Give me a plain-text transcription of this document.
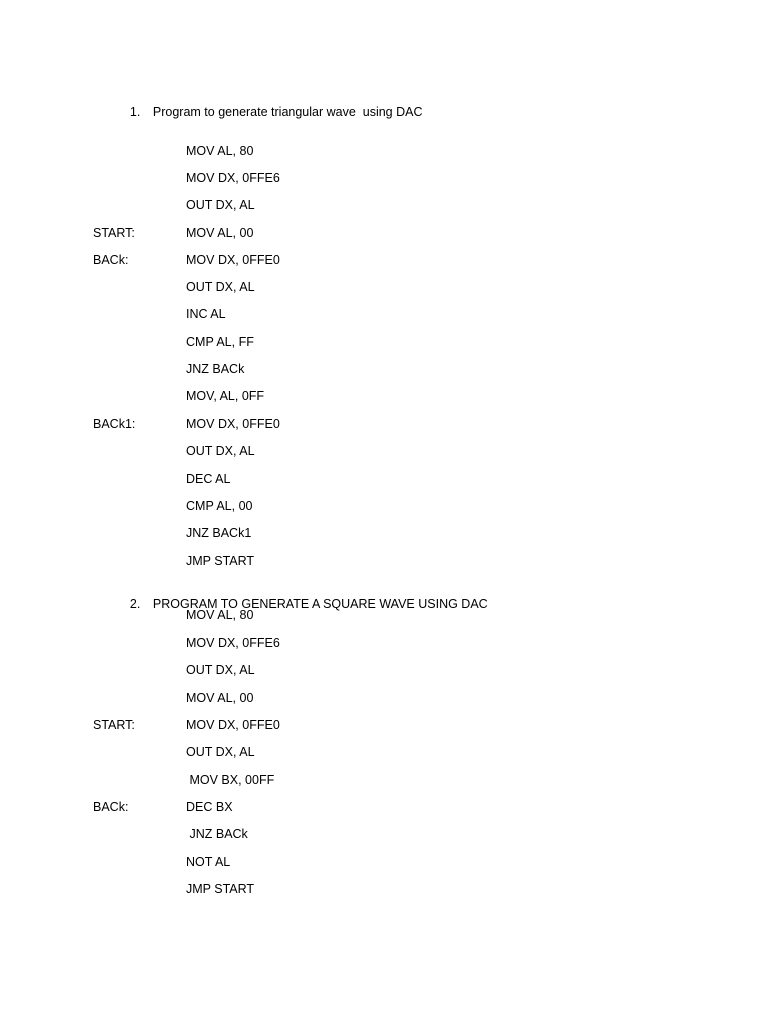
1. Program to generate triangular wave  using DAC

MOV AL, 80
MOV DX, 0FFE6
OUT DX, AL
START:	MOV AL, 00
BACk:	MOV DX, 0FFE0
OUT DX, AL
INC AL
CMP AL, FF
JNZ BACk
MOV, AL, 0FF
BACk1:	MOV DX, 0FFE0
OUT DX, AL
DEC AL
CMP AL, 00
JNZ BACk1
JMP START

2. PROGRAM TO GENERATE A SQUARE WAVE USING DAC

MOV AL, 80
MOV DX, 0FFE6
OUT DX, AL
MOV AL, 00
START:	MOV DX, 0FFE0
OUT DX, AL
MOV BX, 00FF
BACk:	DEC BX
JNZ BACk
NOT AL
JMP START
